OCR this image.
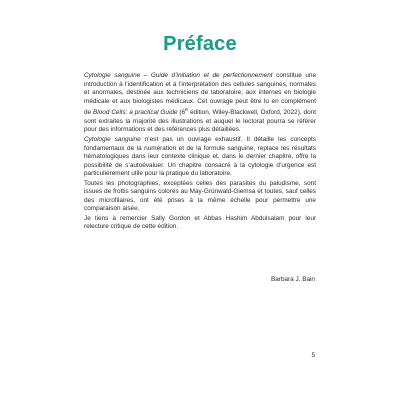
Préface

Cytologie sanguine – Guide d’initiation et de perfectionnement constitue une introduction à l’identification et à l’interprétation des cellules sanguines, normales et anormales, destinée aux techniciens de laboratoire, aux internes en biologie médicale et aux biologistes médicaux. Cet ouvrage peut être lu en complément de Blood Cells: a practical Guide (6e édition, Wiley-Blackwell, Oxford, 2022), dont sont extraites la majorité des illustrations et auquel le lectorat pourra se référer pour des informations et des références plus détaillées.

Cytologie sanguine n’est pas un ouvrage exhaustif. Il détaille les concepts fondamentaux de la numération et de la formule sanguine, replace les résultats hématologiques dans leur contexte clinique et, dans le dernier chapitre, offre la possibilité de s’autoévaluer. Un chapitre consacré à la cytologie d’urgence est particulièrement utile pour la pratique du laboratoire.

Toutes les photographies, exceptées celles des parasites du paludisme, sont issues de frottis sanguins colorés au May-Grünwald-Giemsa et toutes, sauf celles des microfilaires, ont été prises à la même échelle pour permettre une comparaison aisée.

Je tiens à remercier Sally Gordon et Abbas Hashim Abdulsalam pour leur relecture critique de cette édition.

Barbara J. Bain
5
